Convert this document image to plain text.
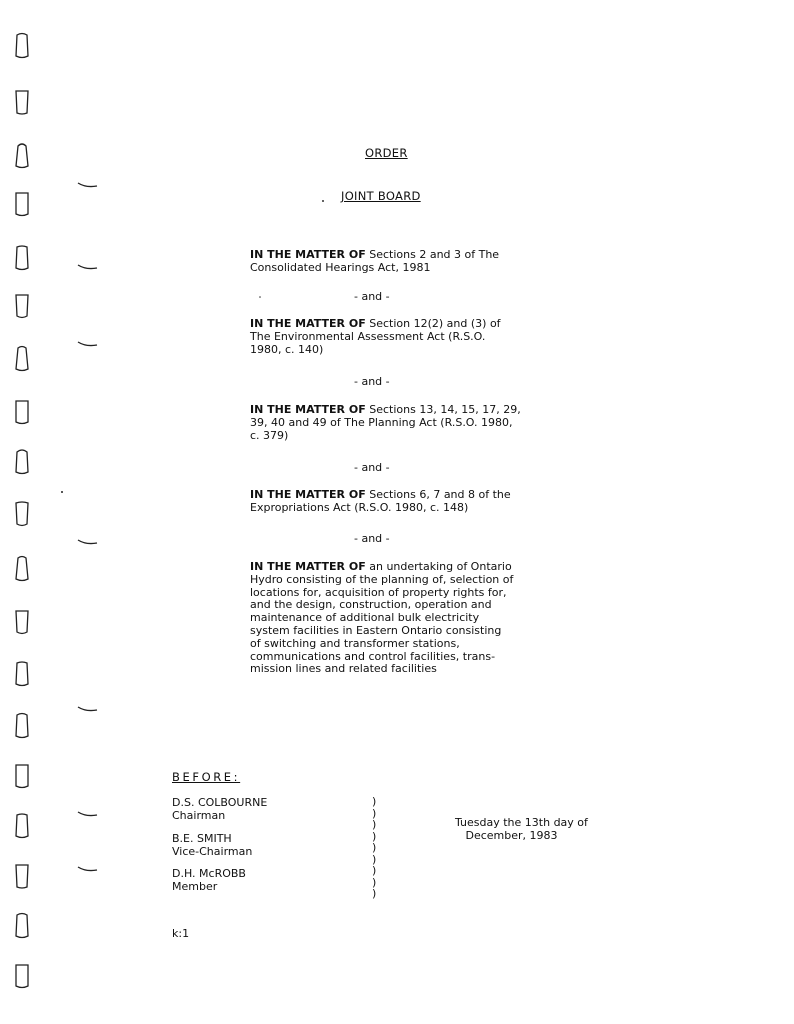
ORDER
JOINT BOARD
IN THE MATTER OF Sections 2 and 3 of The
Consolidated Hearings Act, 1981
- and -
IN THE MATTER OF Section 12(2) and (3) of
The Environmental Assessment Act (R.S.O.
1980, c. 140)
- and -
IN THE MATTER OF Sections 13, 14, 15, 17, 29,
39, 40 and 49 of The Planning Act (R.S.O. 1980,
c. 379)
- and -
IN THE MATTER OF Sections 6, 7 and 8 of the
Expropriations Act (R.S.O. 1980, c. 148)
- and -
IN THE MATTER OF an undertaking of Ontario
Hydro consisting of the planning of, selection of
locations for, acquisition of property rights for,
and the design, construction, operation and
maintenance of additional bulk electricity
system facilities in Eastern Ontario consisting
of switching and transformer stations,
communications and control facilities, trans-
mission lines and related facilities
BEFORE:
D.S. COLBOURNE
Chairman
B.E. SMITH
Vice-Chairman
D.H. McROBB
Member
)
)
)
)
)
)
)
)
)
Tuesday the 13th day of
December, 1983
k:1
